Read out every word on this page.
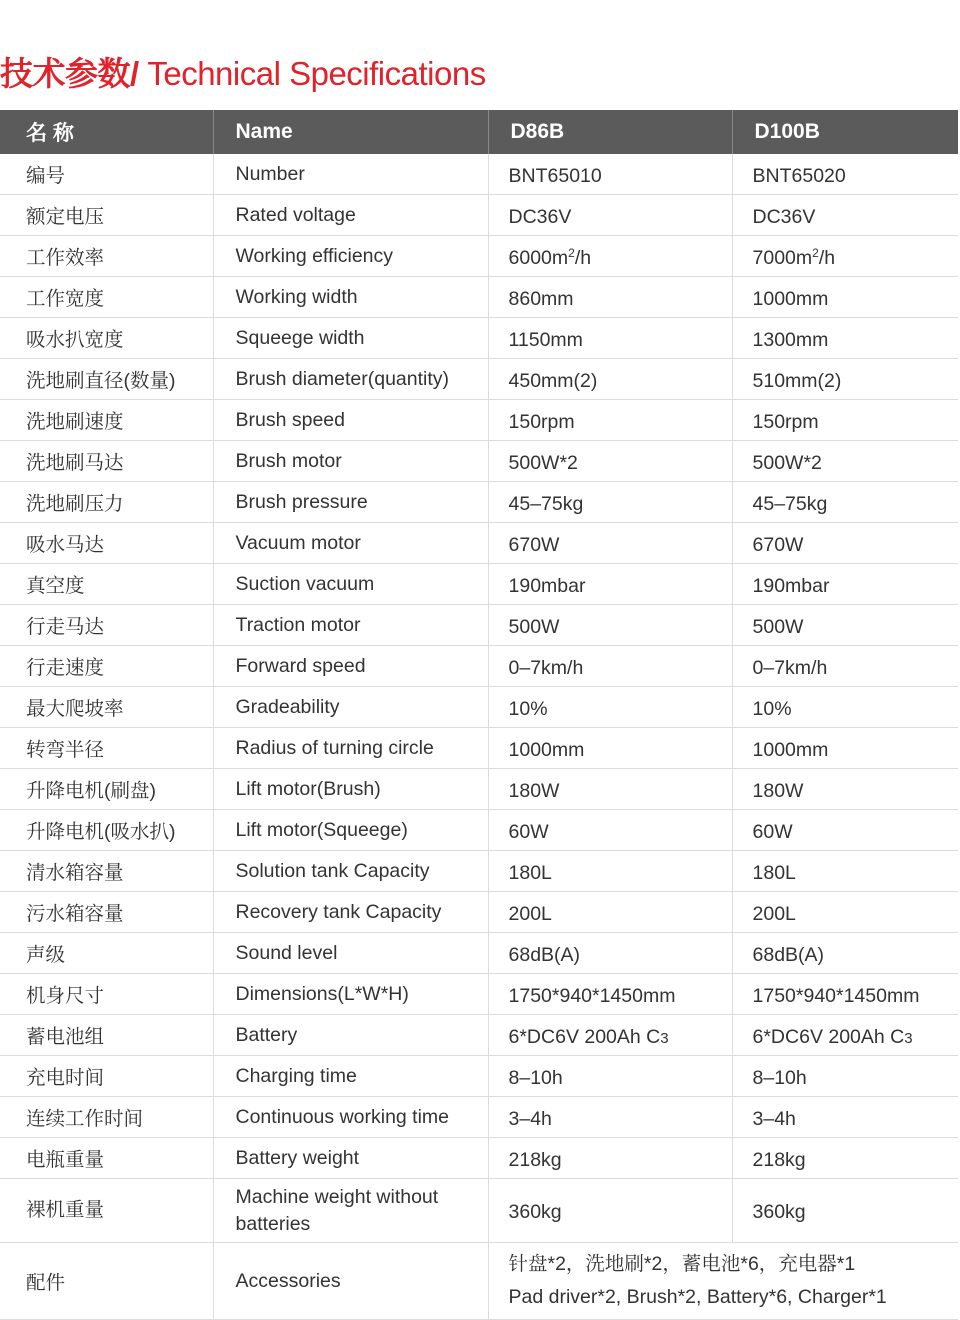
技术参数/ Technical Specifications
名 称	Name	D86B	D100B
编号	Number	BNT65010	BNT65020
额定电压	Rated voltage	DC36V	DC36V
工作效率	Working efficiency	$6000m^2/h$	$7000m^2/h$
工作宽度	Working width	860mm	1000mm
吸水扒宽度	Squeege width	1150mm	1300mm
洗地刷直径(数量)	Brush diameter(quantity)	450mm(2)	510mm(2)
洗地刷速度	Brush speed	150rpm	150rpm
洗地刷马达	Brush motor	500W*2	500W*2
洗地刷压力	Brush pressure	45–75kg	45–75kg
吸水马达	Vacuum motor	670W	670W
真空度	Suction vacuum	190mbar	190mbar
行走马达	Traction motor	500W	500W
行走速度	Forward speed	0–7km/h	0–7km/h
最大爬坡率	Gradeability	10%	10%
转弯半径	Radius of turning circle	1000mm	1000mm
升降电机(刷盘)	Lift motor(Brush)	180W	180W
升降电机(吸水扒)	Lift motor(Squeege)	60W	60W
清水箱容量	Solution tank Capacity	180L	180L
污水箱容量	Recovery tank Capacity	200L	200L
声级	Sound level	68dB(A)	68dB(A)
机身尺寸	Dimensions(L*W*H)	1750*940*1450mm	1750*940*1450mm
蓄电池组	Battery	6*DC6V 200Ah C3	6*DC6V 200Ah C3
充电时间	Charging time	8–10h	8–10h
连续工作时间	Continuous working time	3–4h	3–4h
电瓶重量	Battery weight	218kg	218kg
裸机重量	Machine weight without batteries	360kg	360kg
配件	Accessories	针盘*2，洗地刷*2，蓄电池*6，充电器*1
Pad driver*2, Brush*2, Battery*6, Charger*1	
